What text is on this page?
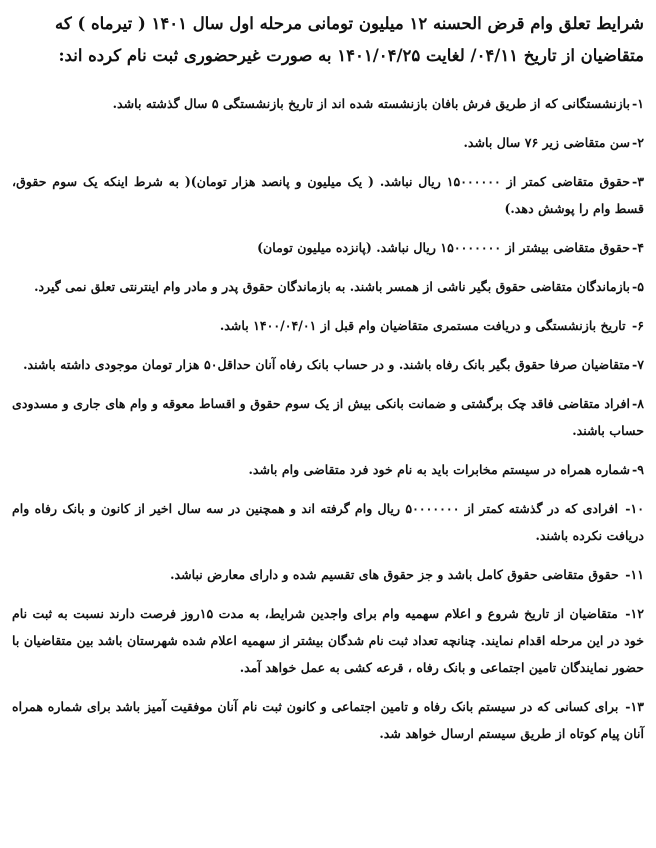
شرایط تعلق وام قرض الحسنه ۱۲ میلیون تومانی مرحله اول سال ۱۴۰۱ ( تیرماه ) که
متقاضیان از تاریخ ۰۴/۱۱/ لغایت ۱۴۰۱/۰۴/۲۵ به صورت غیرحضوری ثبت نام کرده اند:
۱-بازنشستگانی که از طریق فرش بافان بازنشسته شده اند از تاریخ بازنشستگی ۵ سال گذشته باشد.
۲-سن متقاضی زیر ۷۶ سال باشد.
۳-حقوق متقاضی کمتر از ۱۵۰۰۰۰۰۰ ریال نباشد. ( یک میلیون و پانصد هزار تومان)( به شرط اینکه یک سوم حقوق، قسط وام را پوشش دهد.)
۴-حقوق متقاضی بیشتر از ۱۵۰۰۰۰۰۰۰ ریال نباشد. (پانزده میلیون تومان)
۵-بازماندگان متقاضی حقوق بگیر ناشی از همسر باشند. به بازماندگان حقوق پدر و مادر وام اینترنتی تعلق نمی گیرد.
۶- تاریخ بازنشستگی و دریافت مستمری متقاضیان وام قبل از ۱۴۰۰/۰۴/۰۱ باشد.
۷-متقاضیان صرفا حقوق بگیر بانک رفاه باشند. و در حساب بانک رفاه آنان حداقل۵۰ هزار تومان موجودی داشته باشند.
۸-افراد متقاضی فاقد چک برگشتی و ضمانت بانکی بیش از یک سوم حقوق و اقساط معوقه و وام های جاری و مسدودی حساب باشند.
۹-شماره همراه در سیستم مخابرات باید به نام خود فرد متقاضی وام باشد.
۱۰- افرادی که در گذشته کمتر از ۵۰۰۰۰۰۰۰ ریال وام گرفته اند و همچنین در سه سال اخیر از کانون و بانک رفاه وام دریافت نکرده باشند.
۱۱- حقوق متقاضی حقوق کامل باشد و جز حقوق های تقسیم شده و دارای معارض نباشد.
۱۲- متقاضیان از تاریخ شروع و اعلام سهمیه وام برای واجدین شرایط، به مدت ۱۵روز فرصت دارند نسبت به ثبت نام خود در این مرحله اقدام نمایند. چنانچه تعداد ثبت نام شدگان بیشتر از سهمیه اعلام شده شهرستان باشد بین متقاضیان با حضور نمایندگان تامین اجتماعی و بانک رفاه ، قرعه کشی به عمل خواهد آمد.
۱۳- برای کسانی که در سیستم بانک رفاه و تامین اجتماعی و کانون ثبت نام آنان موفقیت آمیز باشد برای شماره همراه آنان پیام کوتاه از طریق سیستم ارسال خواهد شد.
